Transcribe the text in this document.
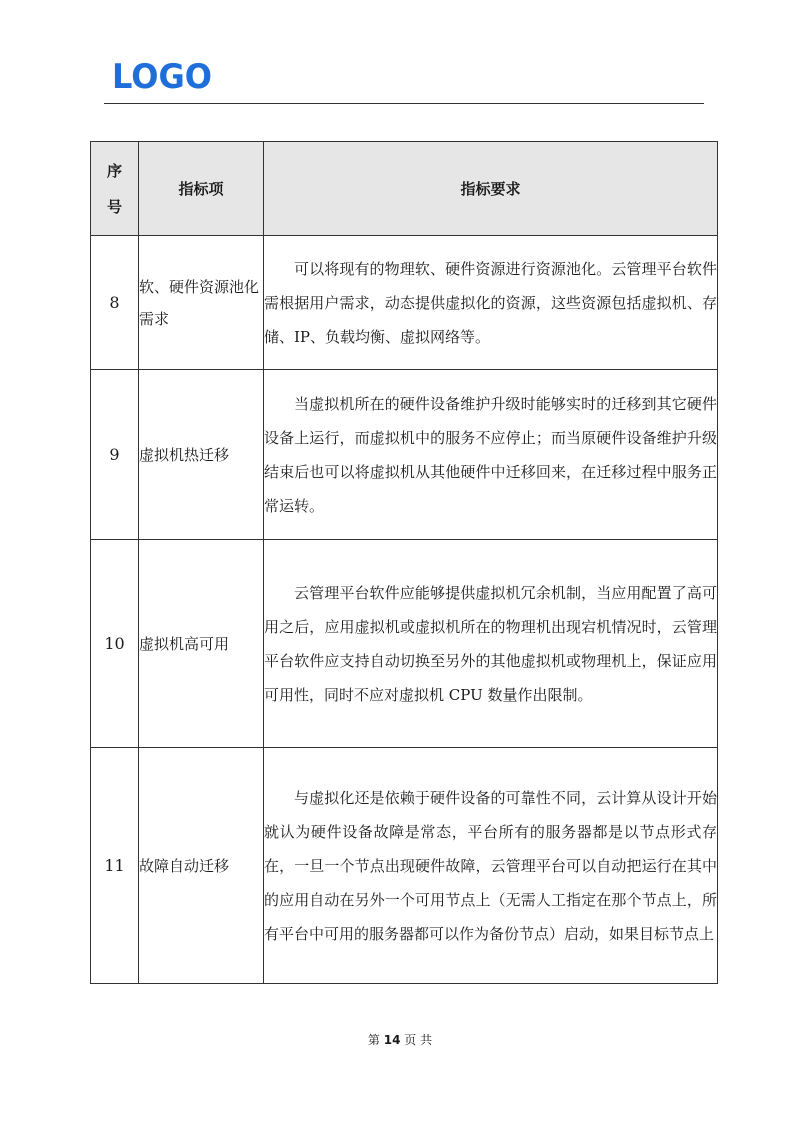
LOGO
序
号	指标项	指标要求
8	软、硬件资源池化需求	可以将现有的物理软、硬件资源进行资源池化。云管理平台软件需根据用户需求，动态提供虚拟化的资源，这些资源包括虚拟机、存储、IP、负载均衡、虚拟网络等。
9	虚拟机热迁移	当虚拟机所在的硬件设备维护升级时能够实时的迁移到其它硬件设备上运行，而虚拟机中的服务不应停止；而当原硬件设备维护升级结束后也可以将虚拟机从其他硬件中迁移回来，在迁移过程中服务正常运转。
10	虚拟机高可用	云管理平台软件应能够提供虚拟机冗余机制，当应用配置了高可用之后，应用虚拟机或虚拟机所在的物理机出现宕机情况时，云管理平台软件应支持自动切换至另外的其他虚拟机或物理机上，保证应用可用性，同时不应对虚拟机 CPU 数量作出限制。
11	故障自动迁移	与虚拟化还是依赖于硬件设备的可靠性不同，云计算从设计开始就认为硬件设备故障是常态，平台所有的服务器都是以节点形式存在，一旦一个节点出现硬件故障，云管理平台可以自动把运行在其中的应用自动在另外一个可用节点上（无需人工指定在那个节点上，所有平台中可用的服务器都可以作为备份节点）启动，如果目标节点上
第 14 页 共
